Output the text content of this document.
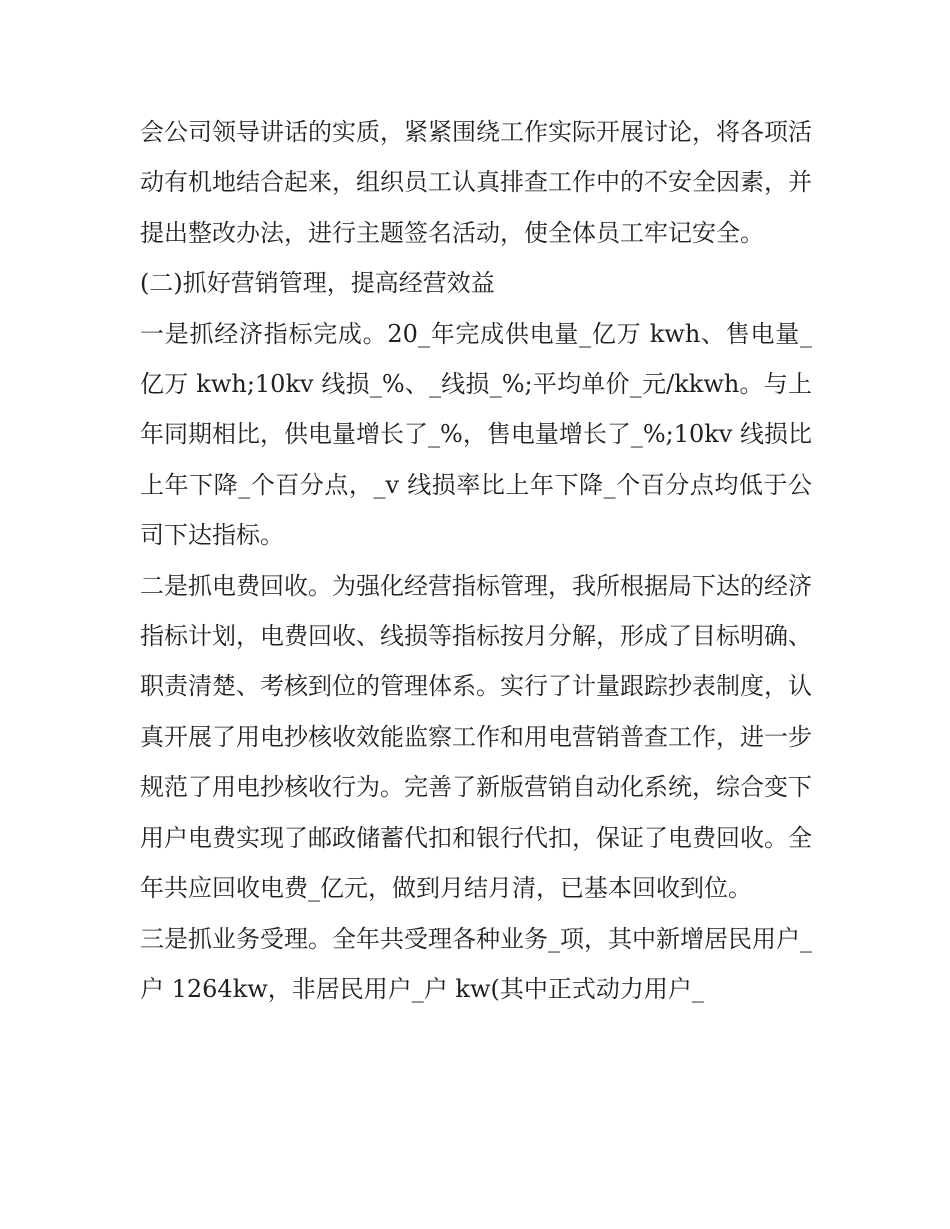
会公司领导讲话的实质，紧紧围绕工作实际开展讨论，将各项活动有机地结合起来，组织员工认真排查工作中的不安全因素，并提出整改办法，进行主题签名活动，使全体员工牢记安全。

(二)抓好营销管理，提高经营效益

一是抓经济指标完成。20_年完成供电量_亿万 kwh、售电量_亿万 kwh;10kv 线损_%、_线损_%;平均单价_元/kkwh。与上年同期相比，供电量增长了_%，售电量增长了_%;10kv 线损比上年下降_个百分点，_v 线损率比上年下降_个百分点均低于公司下达指标。

二是抓电费回收。为强化经营指标管理，我所根据局下达的经济指标计划，电费回收、线损等指标按月分解，形成了目标明确、职责清楚、考核到位的管理体系。实行了计量跟踪抄表制度，认真开展了用电抄核收效能监察工作和用电营销普查工作，进一步规范了用电抄核收行为。完善了新版营销自动化系统，综合变下用户电费实现了邮政储蓄代扣和银行代扣，保证了电费回收。全年共应回收电费_亿元，做到月结月清，已基本回收到位。

三是抓业务受理。全年共受理各种业务_项，其中新增居民用户_户 1264kw，非居民用户_户 kw(其中正式动力用户_
